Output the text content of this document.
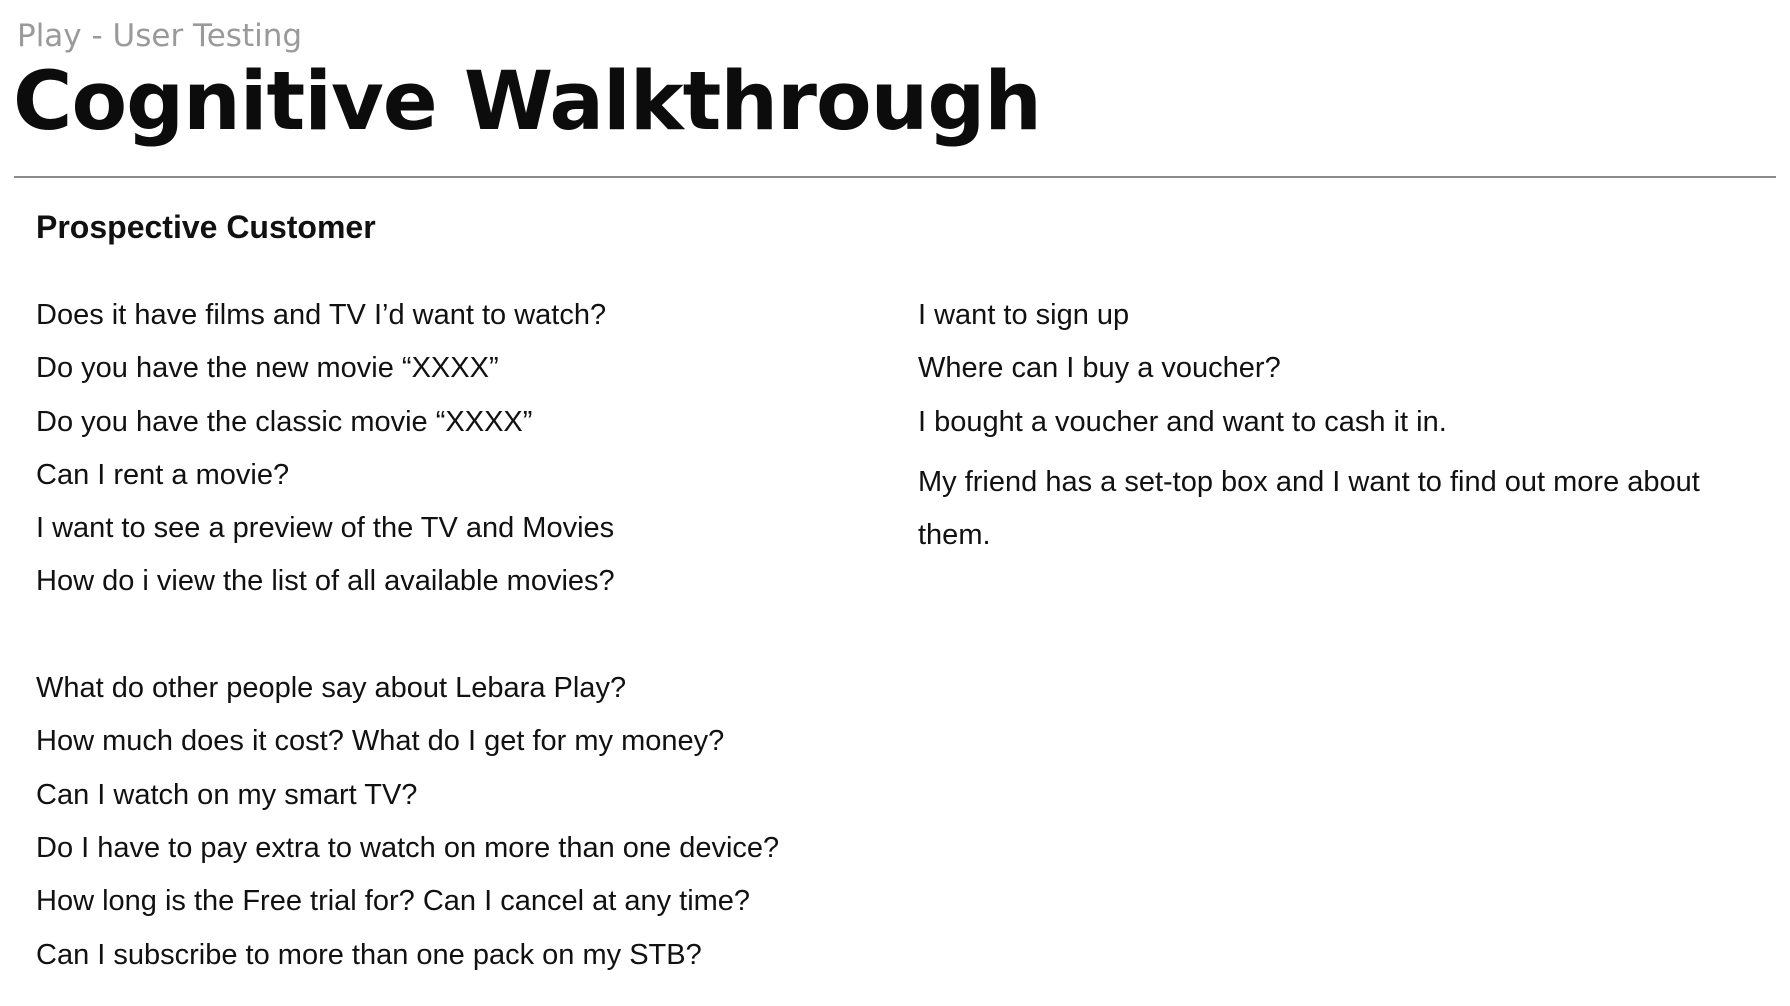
Play - User Testing
Cognitive Walkthrough
Prospective Customer
Does it have films and TV I’d want to watch?
Do you have the new movie “XXXX”
Do you have the classic movie “XXXX”
Can I rent a movie?
I want to see a preview of the TV and Movies
How do i view the list of all available movies?
What do other people say about Lebara Play?
How much does it cost? What do I get for my money?
Can I watch on my smart TV?
Do I have to pay extra to watch on more than one device?
How long is the Free trial for? Can I cancel at any time?
Can I subscribe to more than one pack on my STB?
I want to sign up
Where can I buy a voucher?
I bought a voucher and want to cash it in.
My friend has a set-top box and I want to find out more about them.
